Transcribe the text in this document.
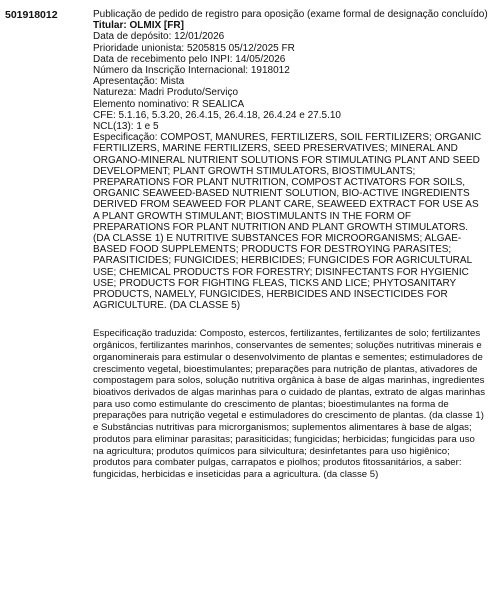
501918012	Publicação de pedido de registro para oposição (exame formal de designação concluído)
Titular: OLMIX [FR]
Data de depósito: 12/01/2026
Prioridade unionista: 5205815 05/12/2025 FR
Data de recebimento pelo INPI: 14/05/2026
Número da Inscrição Internacional: 1918012
Apresentação: Mista
Natureza: Madri Produto/Serviço
Elemento nominativo: R SEALICA
CFE: 5.1.16, 5.3.20, 26.4.15, 26.4.18, 26.4.24 e 27.5.10
NCL(13): 1 e 5
Especificação: COMPOST, MANURES, FERTILIZERS, SOIL FERTILIZERS; ORGANIC FERTILIZERS, MARINE FERTILIZERS, SEED PRESERVATIVES; MINERAL AND ORGANO-MINERAL NUTRIENT SOLUTIONS FOR STIMULATING PLANT AND SEED DEVELOPMENT; PLANT GROWTH STIMULATORS, BIOSTIMULANTS; PREPARATIONS FOR PLANT NUTRITION, COMPOST ACTIVATORS FOR SOILS, ORGANIC SEAWEED-BASED NUTRIENT SOLUTION, BIO-ACTIVE INGREDIENTS DERIVED FROM SEAWEED FOR PLANT CARE, SEAWEED EXTRACT FOR USE AS A PLANT GROWTH STIMULANT; BIOSTIMULANTS IN THE FORM OF PREPARATIONS FOR PLANT NUTRITION AND PLANT GROWTH STIMULATORS. (DA CLASSE 1) E NUTRITIVE SUBSTANCES FOR MICROORGANISMS; ALGAE-BASED FOOD SUPPLEMENTS; PRODUCTS FOR DESTROYING PARASITES; PARASITICIDES; FUNGICIDES; HERBICIDES; FUNGICIDES FOR AGRICULTURAL USE; CHEMICAL PRODUCTS FOR FORESTRY; DISINFECTANTS FOR HYGIENIC USE; PRODUCTS FOR FIGHTING FLEAS, TICKS AND LICE; PHYTOSANITARY PRODUCTS, NAMELY, FUNGICIDES, HERBICIDES AND INSECTICIDES FOR AGRICULTURE. (DA CLASSE 5)
Especificação traduzida: Composto, estercos, fertilizantes, fertilizantes de solo; fertilizantes orgânicos, fertilizantes marinhos, conservantes de sementes; soluções nutritivas minerais e organominerais para estimular o desenvolvimento de plantas e sementes; estimuladores de crescimento vegetal, bioestimulantes; preparações para nutrição de plantas, ativadores de compostagem para solos, solução nutritiva orgânica à base de algas marinhas, ingredientes bioativos derivados de algas marinhas para o cuidado de plantas, extrato de algas marinhas para uso como estimulante do crescimento de plantas; bioestimulantes na forma de preparações para nutrição vegetal e estimuladores do crescimento de plantas. (da classe 1) e Substâncias nutritivas para microrganismos; suplementos alimentares à base de algas; produtos para eliminar parasitas; parasiticidas; fungicidas; herbicidas; fungicidas para uso na agricultura; produtos químicos para silvicultura; desinfetantes para uso higiênico; produtos para combater pulgas, carrapatos e piolhos; produtos fitossanitários, a saber: fungicidas, herbicidas e inseticidas para a agricultura. (da classe 5)
